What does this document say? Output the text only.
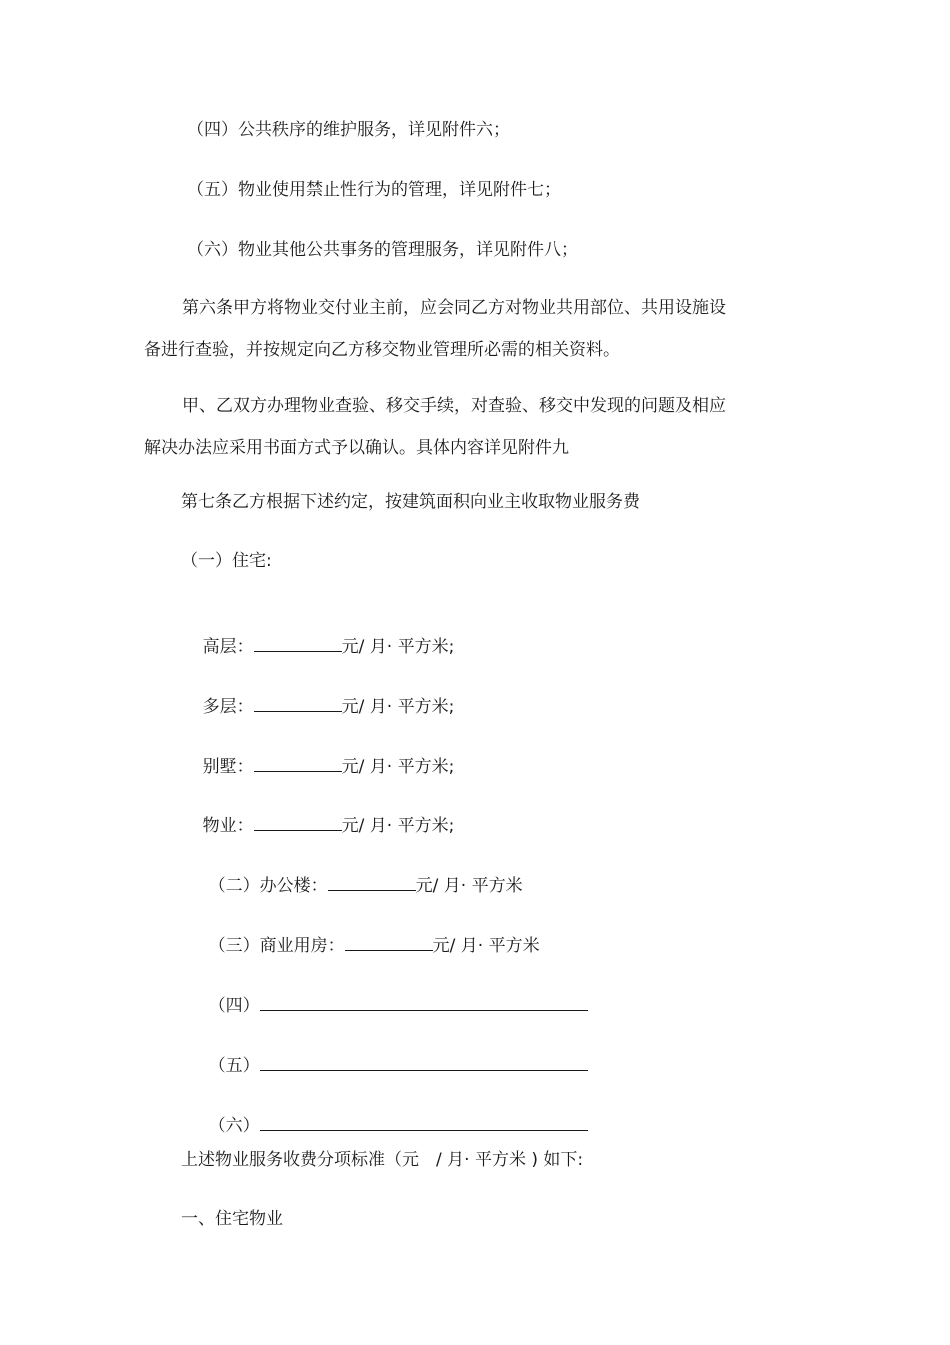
（四）公共秩序的维护服务，详见附件六；
（五）物业使用禁止性行为的管理，详见附件七；
（六）物业其他公共事务的管理服务，详见附件八；
第六条甲方将物业交付业主前，应会同乙方对物业共用部位、共用设施设
备进行查验，并按规定向乙方移交物业管理所必需的相关资料。
甲、乙双方办理物业查验、移交手续，对查验、移交中发现的问题及相应
解决办法应采用书面方式予以确认。具体内容详见附件九
第七条乙方根据下述约定，按建筑面积向业主收取物业服务费
（一）住宅:

高层：	元/ 月· 平方米;

多层：	元/ 月· 平方米;

别墅：	元/ 月· 平方米;

物业：	元/ 月· 平方米;

（二）办公楼：	元/ 月· 平方米

（三）商业用房：	元/ 月· 平方米

（四）

（五）

（六）

上述物业服务收费分项标准（元　/ 月· 平方米 ) 如下:
一、住宅物业
